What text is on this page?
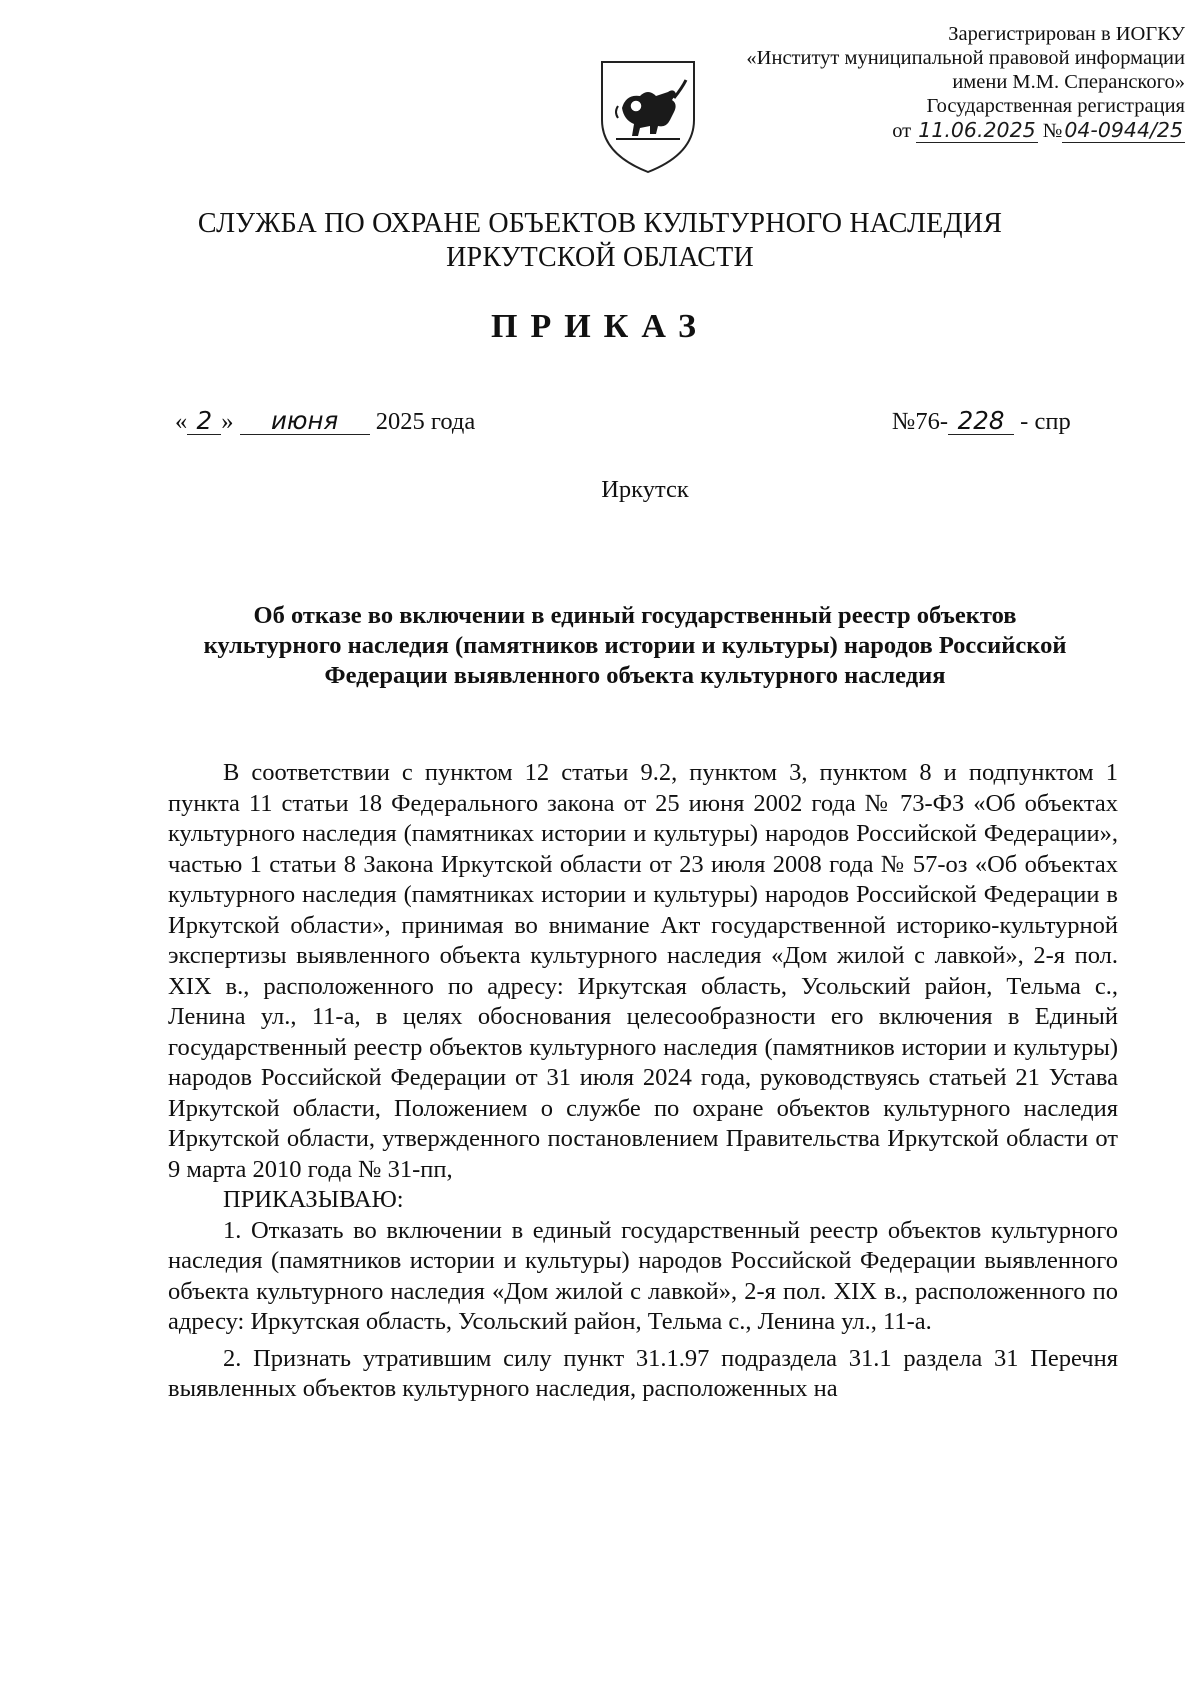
Зарегистрирован в ИОГКУ
«Институт муниципальной правовой информации
имени М.М. Сперанского»
Государственная регистрация
от 11.06.2025 №04-0944/25
СЛУЖБА ПО ОХРАНЕ ОБЪЕКТОВ КУЛЬТУРНОГО НАСЛЕДИЯ
ИРКУТСКОЙ ОБЛАСТИ
ПРИКАЗ
« 2 » июня 2025 года	№76- 228 - спр
Иркутск
Об отказе во включении в единый государственный реестр объектов культурного наследия (памятников истории и культуры) народов Российской Федерации выявленного объекта культурного наследия

В соответствии с пунктом 12 статьи 9.2, пунктом 3, пунктом 8 и подпунктом 1 пункта 11 статьи 18 Федерального закона от 25 июня 2002 года № 73-ФЗ «Об объектах культурного наследия (памятниках истории и культуры) народов Российской Федерации», частью 1 статьи 8 Закона Иркутской области от 23 июля 2008 года № 57-оз «Об объектах культурного наследия (памятниках истории и культуры) народов Российской Федерации в Иркутской области», принимая во внимание Акт государственной историко-культурной экспертизы выявленного объекта культурного наследия «Дом жилой с лавкой», 2-я пол. XIX в., расположенного по адресу: Иркутская область, Усольский район, Тельма с., Ленина ул., 11-а, в целях обоснования целесообразности его включения в Единый государственный реестр объектов культурного наследия (памятников истории и культуры) народов Российской Федерации от 31 июля 2024 года, руководствуясь статьей 21 Устава Иркутской области, Положением о службе по охране объектов культурного наследия Иркутской области, утвержденного постановлением Правительства Иркутской области от 9 марта 2010 года № 31-пп,

ПРИКАЗЫВАЮ:

1. Отказать во включении в единый государственный реестр объектов культурного наследия (памятников истории и культуры) народов Российской Федерации выявленного объекта культурного наследия «Дом жилой с лавкой», 2-я пол. XIX в., расположенного по адресу: Иркутская область, Усольский район, Тельма с., Ленина ул., 11-а.

2. Признать утратившим силу пункт 31.1.97 подраздела 31.1 раздела 31 Перечня выявленных объектов культурного наследия, расположенных на
